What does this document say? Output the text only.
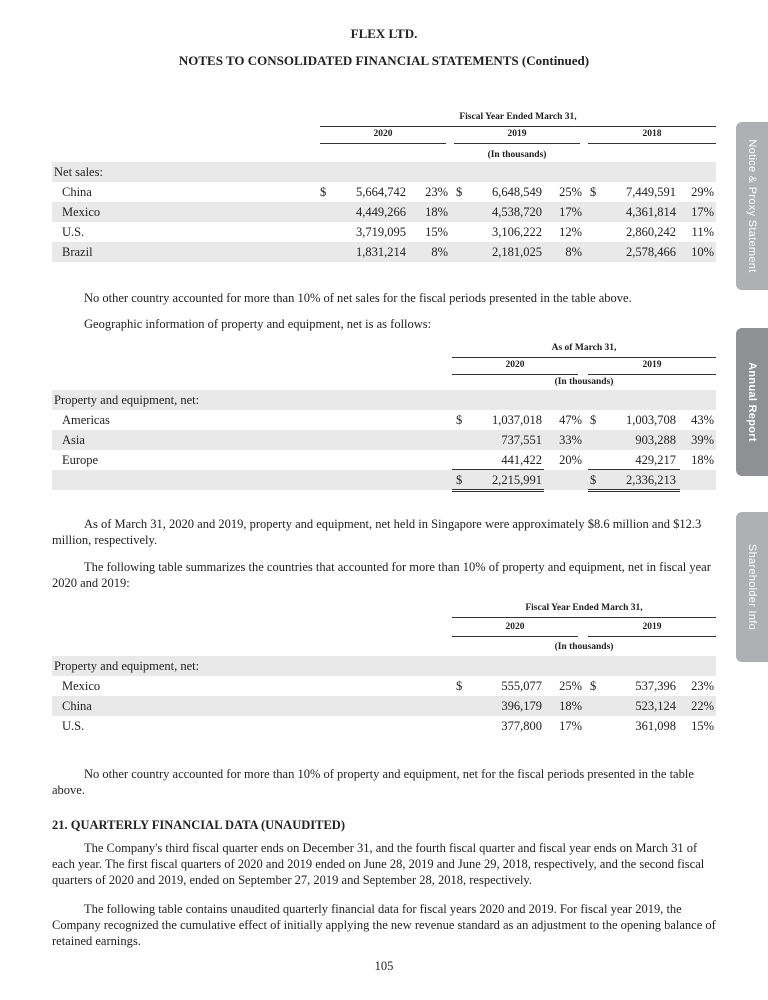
FLEX LTD.
NOTES TO CONSOLIDATED FINANCIAL STATEMENTS (Continued)
Notice & Proxy Statement
Annual Report
Shareholder Info
Fiscal Year Ended March 31,
2020	2019	2018
(In thousands)
Net sales:
China	$	5,664,742	23% $	6,648,549	25% $	7,449,591	29%
Mexico	4,449,266	18%	4,538,720	17%	4,361,814	17%
U.S.	3,719,095	15%	3,106,222	12%	2,860,242	11%
Brazil	1,831,214	8%	2,181,025	8%	2,578,466	10%
No other country accounted for more than 10% of net sales for the fiscal periods presented in the table above.
Geographic information of property and equipment, net is as follows:
As of March 31,
2020	2019
(In thousands)
Property and equipment, net:
Americas	$	1,037,018	47% $	1,003,708	43%
Asia	737,551	33%	903,288	39%
Europe	441,422	20%	429,217	18%
$	2,215,991	$	2,336,213
As of March 31, 2020 and 2019, property and equipment, net held in Singapore were approximately $8.6 million and $12.3 million, respectively.
The following table summarizes the countries that accounted for more than 10% of property and equipment, net in fiscal year 2020 and 2019:
Fiscal Year Ended March 31,
2020	2019
(In thousands)
Property and equipment, net:
Mexico	$	555,077	25% $	537,396	23%
China	396,179	18%	523,124	22%
U.S.	377,800	17%	361,098	15%
No other country accounted for more than 10% of property and equipment, net for the fiscal periods presented in the table above.
21. QUARTERLY FINANCIAL DATA (UNAUDITED)
The Company's third fiscal quarter ends on December 31, and the fourth fiscal quarter and fiscal year ends on March 31 of each year. The first fiscal quarters of 2020 and 2019 ended on June 28, 2019 and June 29, 2018, respectively, and the second fiscal quarters of 2020 and 2019, ended on September 27, 2019 and September 28, 2018, respectively.
The following table contains unaudited quarterly financial data for fiscal years 2020 and 2019. For fiscal year 2019, the Company recognized the cumulative effect of initially applying the new revenue standard as an adjustment to the opening balance of retained earnings.
105
